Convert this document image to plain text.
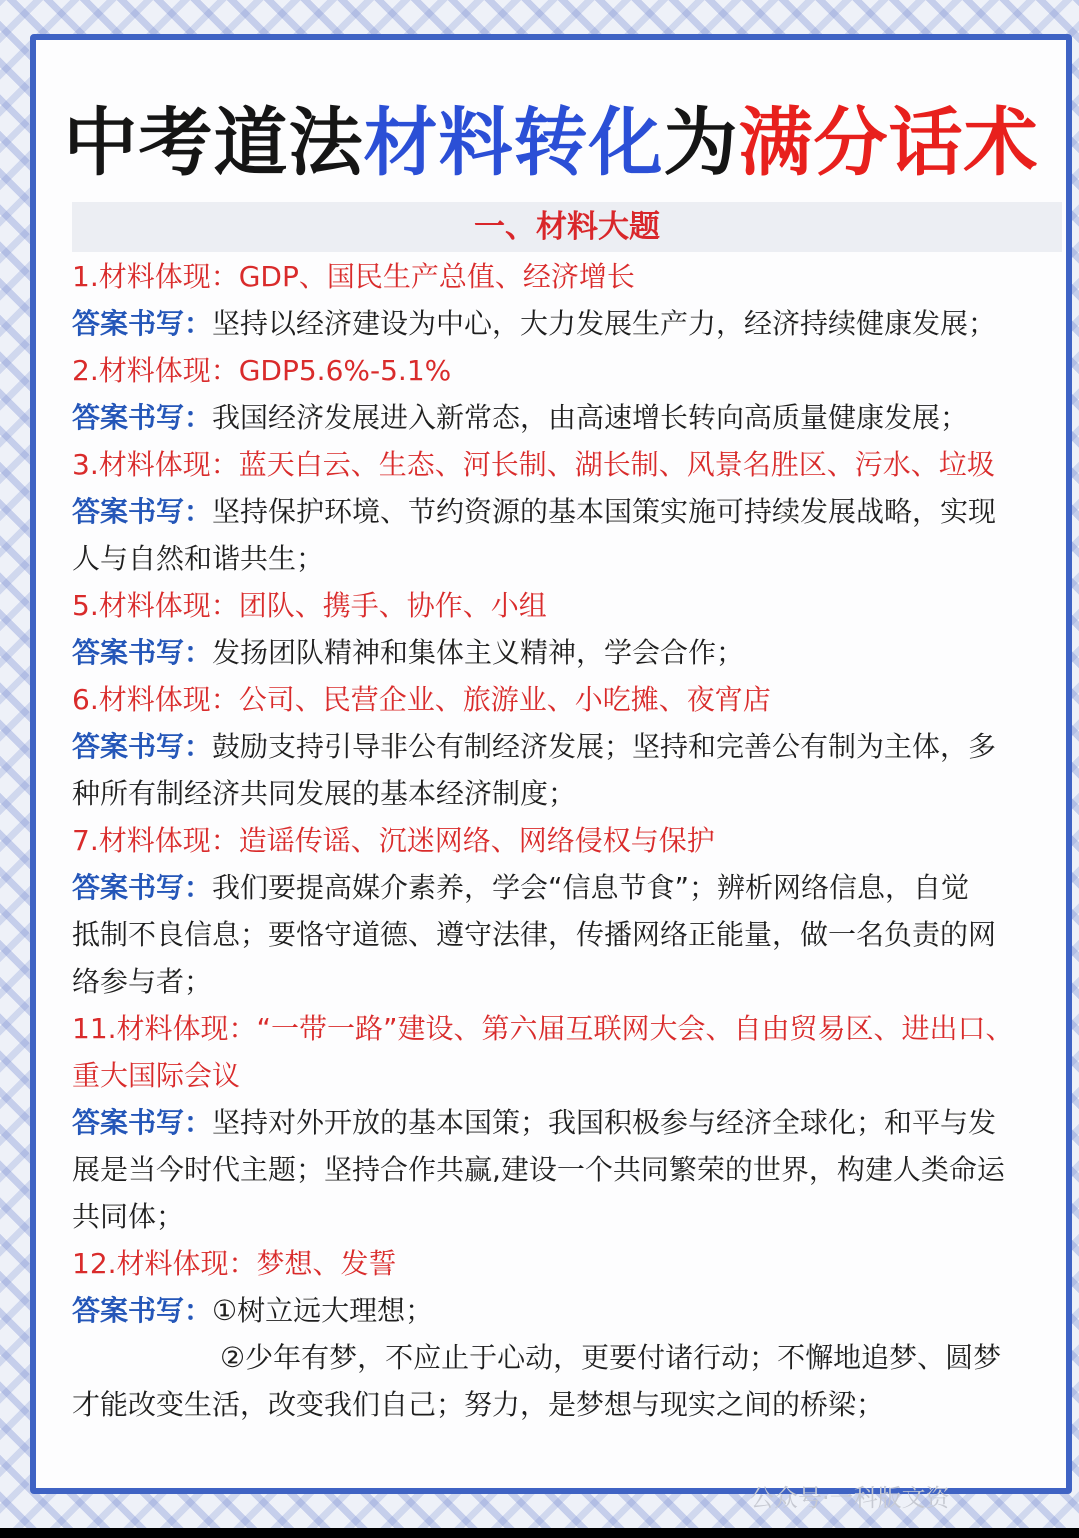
中考道法材料转化为满分话术
一、材料大题
1.材料体现：GDP、国民生产总值、经济增长
答案书写：坚持以经济建设为中心，大力发展生产力，经济持续健康发展；
2.材料体现：GDP5.6%-5.1%
答案书写：我国经济发展进入新常态，由高速增长转向高质量健康发展；
3.材料体现：蓝天白云、生态、河长制、湖长制、风景名胜区、污水、垃圾
答案书写：坚持保护环境、节约资源的基本国策实施可持续发展战略，实现
人与自然和谐共生；
5.材料体现：团队、携手、协作、小组
答案书写：发扬团队精神和集体主义精神，学会合作；
6.材料体现：公司、民营企业、旅游业、小吃摊、夜宵店
答案书写：鼓励支持引导非公有制经济发展；坚持和完善公有制为主体，多
种所有制经济共同发展的基本经济制度；
7.材料体现：造谣传谣、沉迷网络、网络侵权与保护
答案书写：我们要提高媒介素养，学会“信息节食”；辨析网络信息，自觉
抵制不良信息；要恪守道德、遵守法律，传播网络正能量，做一名负责的网
络参与者；
11.材料体现：“一带一路”建设、第六届互联网大会、自由贸易区、进出口、
重大国际会议
答案书写：坚持对外开放的基本国策；我国积极参与经济全球化；和平与发
展是当今时代主题；坚持合作共赢,建设一个共同繁荣的世界，构建人类命运
共同体；
12.材料体现：梦想、发誓
答案书写：①树立远大理想；
②少年有梦，不应止于心动，更要付诸行动；不懈地追梦、圆梦
才能改变生活，改变我们自己；努力，是梦想与现实之间的桥梁；
公众号·一科版文资
